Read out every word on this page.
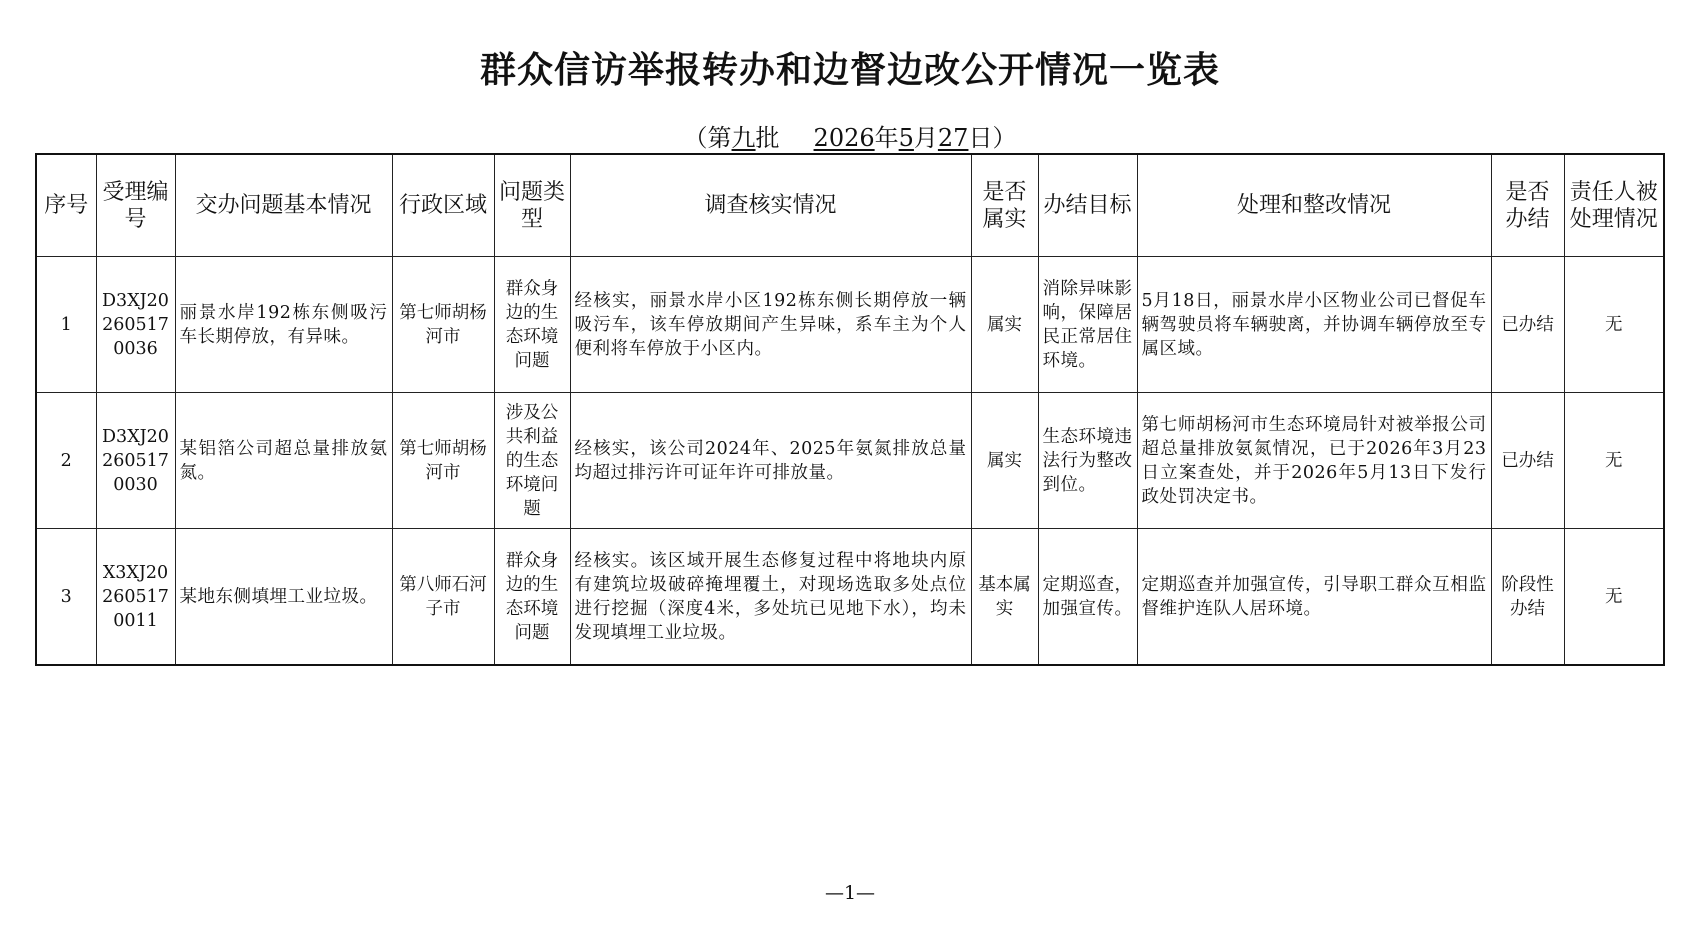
群众信访举报转办和边督边改公开情况一览表
（第九批 2026年5月27日）
序号	受理编号	交办问题基本情况	行政区域	问题类型	调查核实情况	是否属实	办结目标	处理和整改情况	是否办结	责任人被处理情况
1	D3XJ202605170036	丽景水岸192栋东侧吸污车长期停放，有异味。	第七师胡杨河市	群众身边的生态环境问题	经核实，丽景水岸小区192栋东侧长期停放一辆吸污车，该车停放期间产生异味，系车主为个人便利将车停放于小区内。	属实	消除异味影响，保障居民正常居住环境。	5月18日，丽景水岸小区物业公司已督促车辆驾驶员将车辆驶离，并协调车辆停放至专属区域。	已办结	无
2	D3XJ202605170030	某铝箔公司超总量排放氨氮。	第七师胡杨河市	涉及公共利益的生态环境问题	经核实，该公司2024年、2025年氨氮排放总量均超过排污许可证年许可排放量。	属实	生态环境违法行为整改到位。	第七师胡杨河市生态环境局针对被举报公司超总量排放氨氮情况，已于2026年3月23日立案查处，并于2026年5月13日下发行政处罚决定书。	已办结	无
3	X3XJ202605170011	某地东侧填埋工业垃圾。	第八师石河子市	群众身边的生态环境问题	经核实。该区域开展生态修复过程中将地块内原有建筑垃圾破碎掩埋覆土，对现场选取多处点位进行挖掘（深度4米，多处坑已见地下水），均未发现填埋工业垃圾。	基本属实	定期巡查，加强宣传。	定期巡查并加强宣传，引导职工群众互相监督维护连队人居环境。	阶段性办结	无
—1—
